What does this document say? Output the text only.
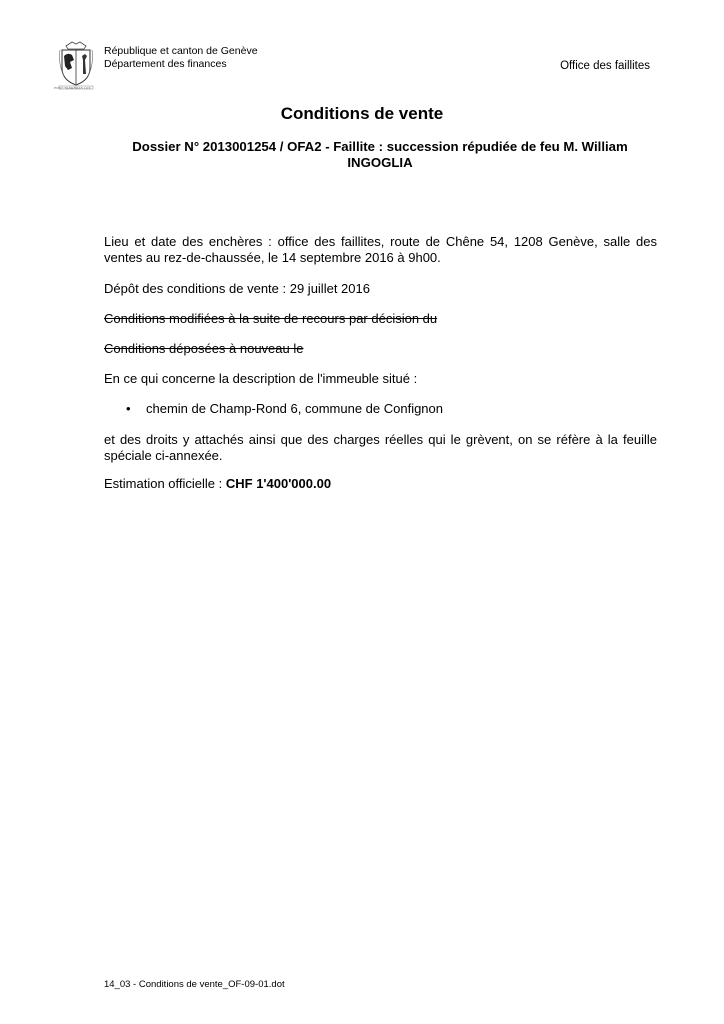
POST TENEBRAS LUX
République et canton de Genève
Département des finances	Office des faillites
Conditions de vente
Dossier N° 2013001254 / OFA2 - Faillite : succession répudiée de feu M. William INGOGLIA
Lieu et date des enchères : office des faillites, route de Chêne 54, 1208 Genève, salle des ventes au rez-de-chaussée, le 14 septembre 2016 à 9h00.
Dépôt des conditions de vente : 29 juillet 2016
Conditions modifiées à la suite de recours par décision du
Conditions déposées à nouveau le
En ce qui concerne la description de l'immeuble situé :
• chemin de Champ-Rond 6, commune de Confignon
et des droits y attachés ainsi que des charges réelles qui le grèvent, on se réfère à la feuille spéciale ci-annexée.
Estimation officielle : CHF 1'400'000.00
14_03 - Conditions de vente_OF-09-01.dot
